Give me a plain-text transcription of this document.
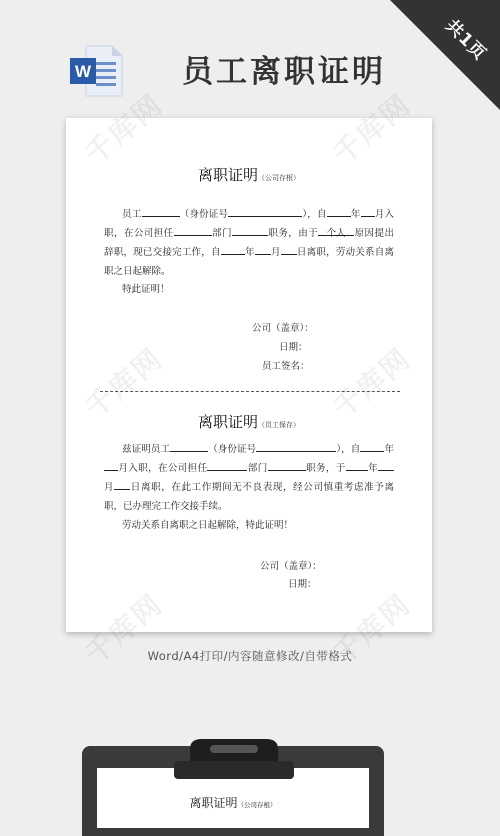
共1页
W	员工离职证明
离职证明（公司存根）
员工	（身份证号	），自	年 月入职，在公司担任	部门	职务，由于 个人 原因提出辞职，现已交接完工作，自	年 月 日离职，劳动关系自离职之日起解除。
特此证明！
公司（盖章）：
日期：
员工签名：
离职证明（员工保存）
兹证明员工	（身份证号	），自	年月入职，在公司担任	部门	职务，于 年月 日离职，在此工作期间无不良表现，经公司慎重考虑准予离职，已办理完工作交接手续。
劳动关系自离职之日起解除，特此证明！
公司（盖章）：
日期：
Word/A4打印/内容随意修改/自带格式
离职证明（公司存根）
